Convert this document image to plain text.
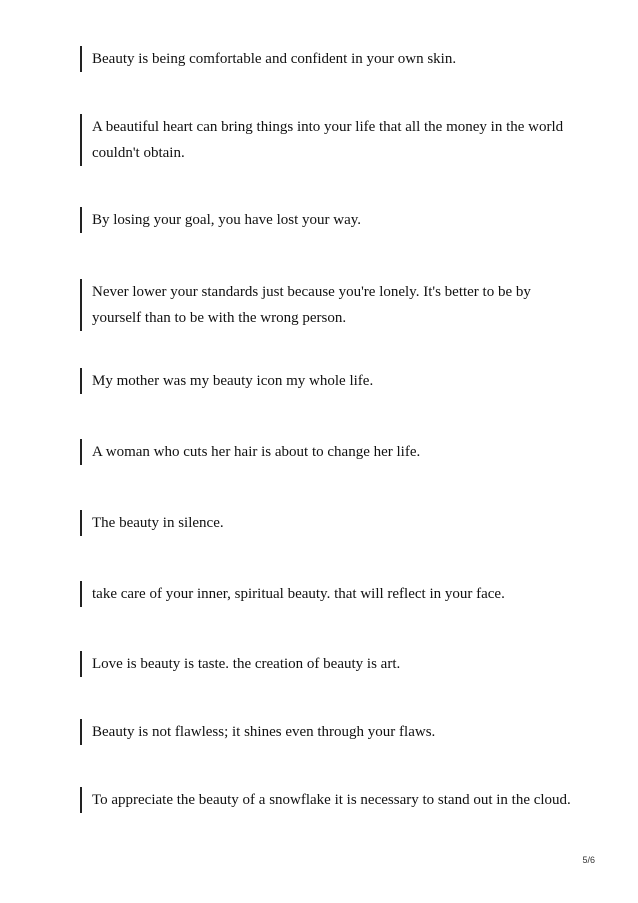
Beauty is being comfortable and confident in your own skin.
A beautiful heart can bring things into your life that all the money in the world couldn't obtain.
By losing your goal, you have lost your way.
Never lower your standards just because you're lonely. It's better to be by yourself than to be with the wrong person.
My mother was my beauty icon my whole life.
A woman who cuts her hair is about to change her life.
The beauty in silence.
take care of your inner, spiritual beauty. that will reflect in your face.
Love is beauty is taste. the creation of beauty is art.
Beauty is not flawless; it shines even through your flaws.
To appreciate the beauty of a snowflake it is necessary to stand out in the cloud.
5/6
